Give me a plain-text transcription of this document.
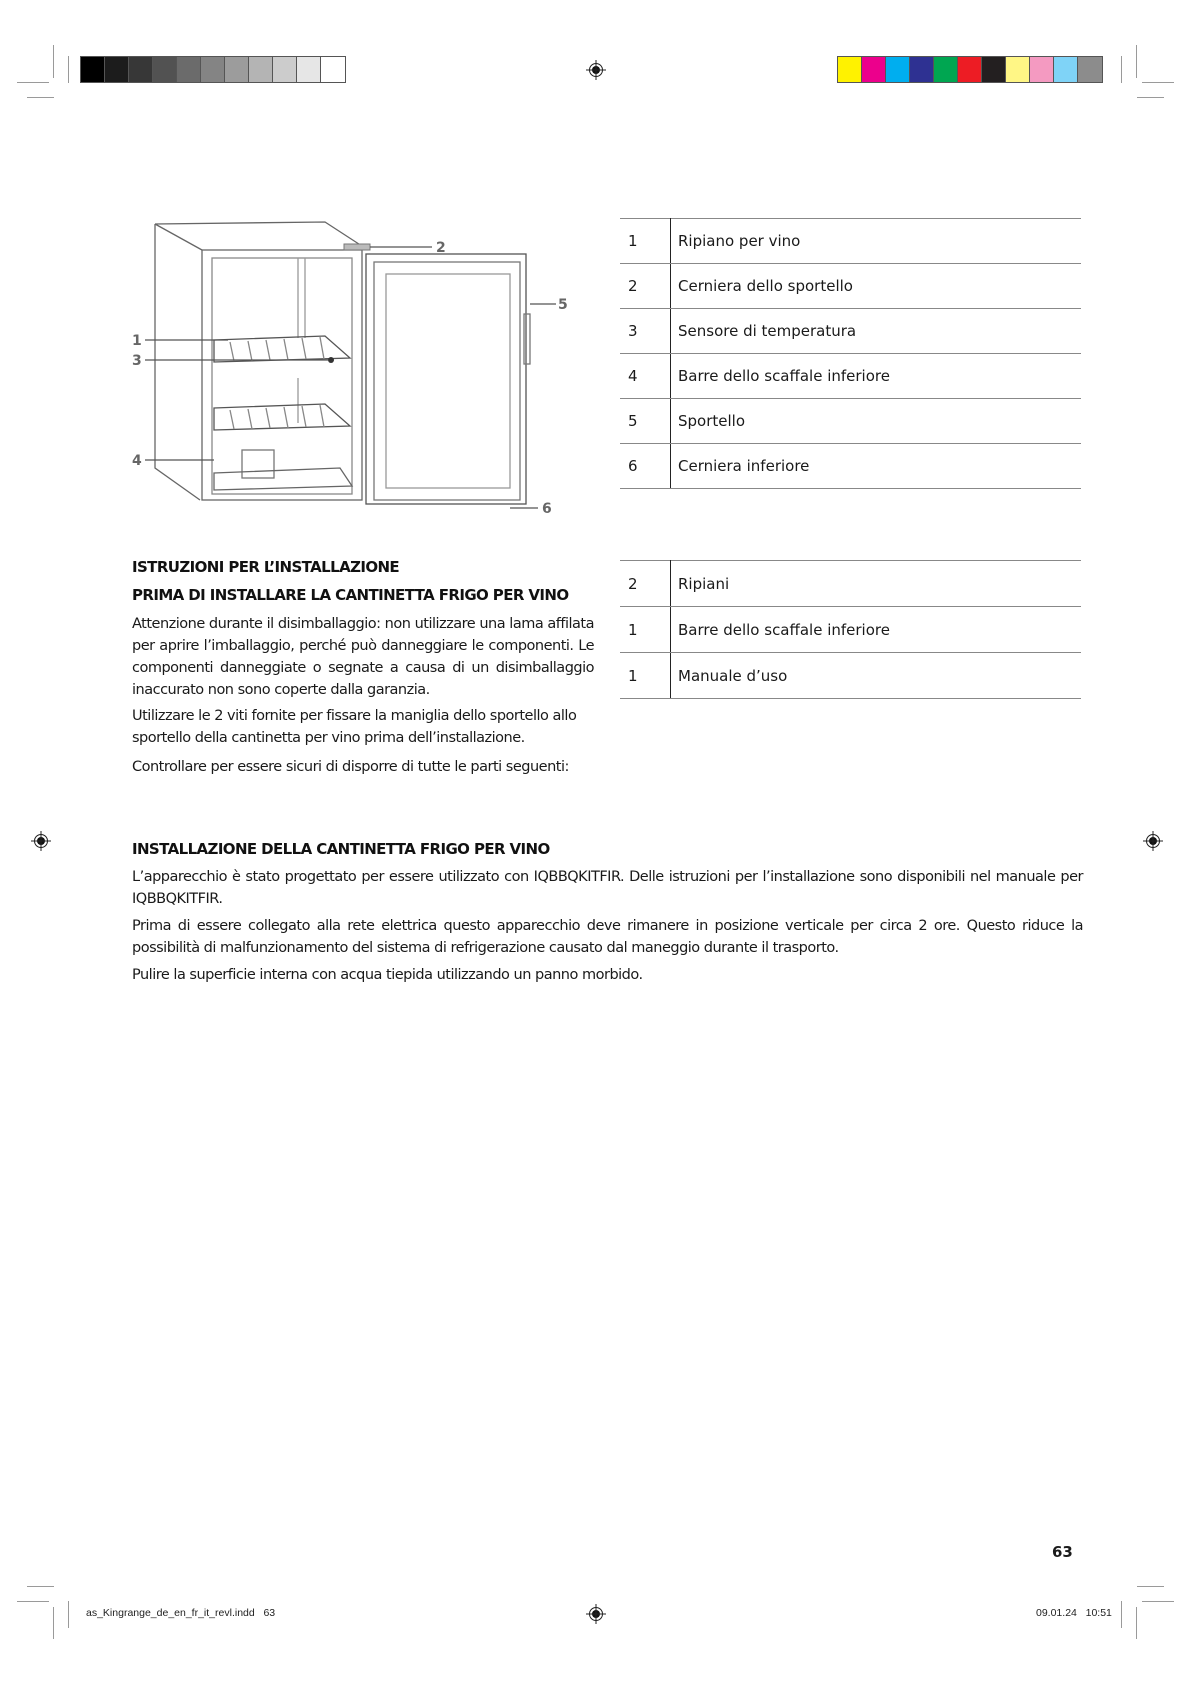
1
3
4
2
5
6
1	Ripiano per vino
2	Cerniera dello sportello
3	Sensore di temperatura
4	Barre dello scaffale inferiore
5	Sportello
6	Cerniera inferiore
ISTRUZIONI PER L’INSTALLAZIONE
PRIMA DI INSTALLARE LA CANTINETTA FRIGO PER VINO

Attenzione durante il disimballaggio: non utilizzare una lama affilata per aprire l’imballaggio, perché può danneggiare le componenti. Le componenti danneggiate o segnate a causa di un disimballaggio inaccurato non sono coperte dalla garanzia.

Utilizzare le 2 viti fornite per fissare la maniglia dello sportello allo sportello della cantinetta per vino prima dell’installazione.

Controllare per essere sicuri di disporre di tutte le parti seguenti:

2	Ripiani
1	Barre dello scaffale inferiore
1	Manuale d’uso
INSTALLAZIONE DELLA CANTINETTA FRIGO PER VINO

L’apparecchio è stato progettato per essere utilizzato con IQBBQKITFIR. Delle istruzioni per l’installazione sono disponibili nel manuale per IQBBQKITFIR.

Prima di essere collegato alla rete elettrica questo apparecchio deve rimanere in posizione verticale per circa 2 ore. Questo riduce la possibilità di malfunzionamento del sistema di refrigerazione causato dal maneggio durante il trasporto.

Pulire la superficie interna con acqua tiepida utilizzando un panno morbido.

63
as_Kingrange_de_en_fr_it_revl.indd   63	09.01.24   10:51
